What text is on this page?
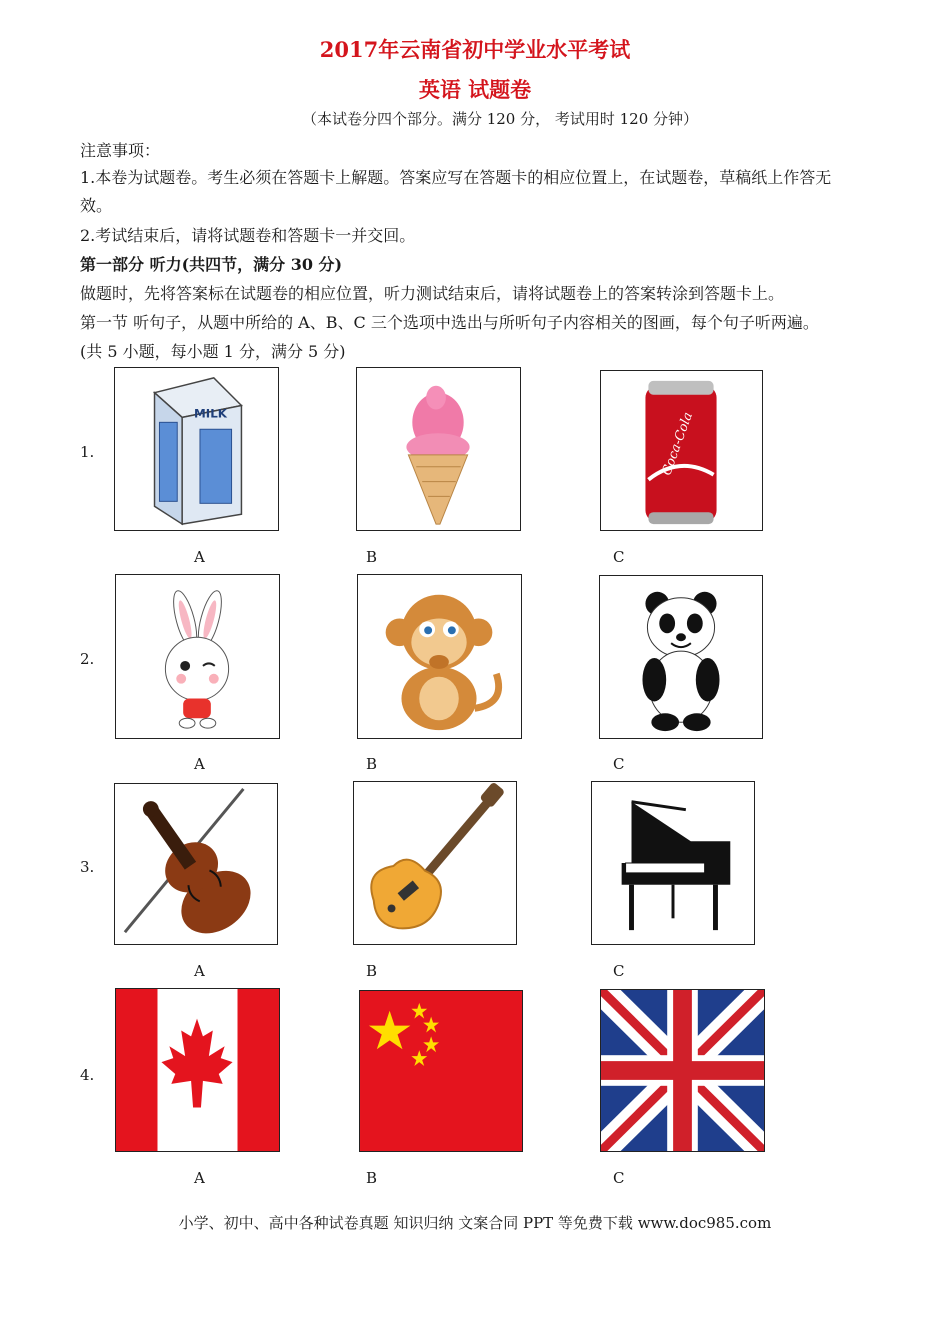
2017年云南省初中学业水平考试
英语 试题卷
（本试卷分四个部分。满分 120 分， 考试用时 120 分钟）
注意事项：
1.本卷为试题卷。考生必须在答题卡上解题。答案应写在答题卡的相应位置上，在试题卷，草稿纸上作答无
效。
2.考试结束后，请将试题卷和答题卡一并交回。
第一部分 听力(共四节，满分 30 分)
做题时，先将答案标在试题卷的相应位置，听力测试结束后，请将试题卷上的答案转涂到答题卡上。
第一节 听句子，从题中所给的 A、B、C 三个选项中选出与所听句子内容相关的图画，每个句子听两遍。
(共 5 小题，每小题 1 分，满分 5 分)
1.
MILK	Coca-Cola
A	B	C
2.
A	B	C
3.
A	B	C
4.
A	B	C
小学、初中、高中各种试卷真题 知识归纳 文案合同 PPT 等免费下载 www.doc985.com
